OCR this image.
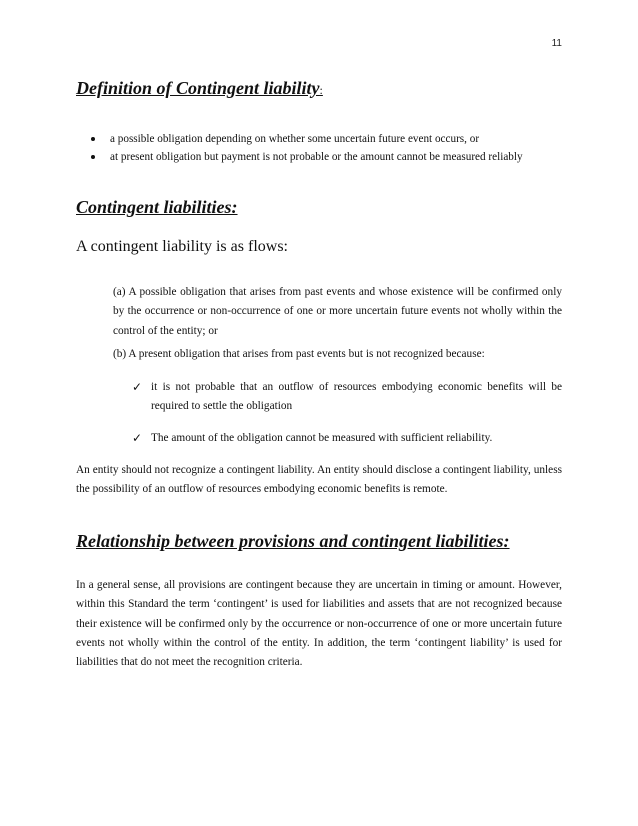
11
Definition of Contingent liability:
a possible obligation depending on whether some uncertain future event occurs, or
at present obligation but payment is not probable or the amount cannot be measured reliably
Contingent liabilities:
A contingent liability is as flows:
(a) A possible obligation that arises from past events and whose existence will be confirmed only by the occurrence or non-occurrence of one or more uncertain future events not wholly within the control of the entity; or
(b) A present obligation that arises from past events but is not recognized because:
✓ it is not probable that an outflow of resources embodying economic benefits will be required to settle the obligation
✓ The amount of the obligation cannot be measured with sufficient reliability.
An entity should not recognize a contingent liability. An entity should disclose a contingent liability, unless the possibility of an outflow of resources embodying economic benefits is remote.
Relationship between provisions and contingent liabilities:
In a general sense, all provisions are contingent because they are uncertain in timing or amount. However, within this Standard the term ‘contingent’ is used for liabilities and assets that are not recognized because their existence will be confirmed only by the occurrence or non-occurrence of one or more uncertain future events not wholly within the control of the entity. In addition, the term ‘contingent liability’ is used for liabilities that do not meet the recognition criteria.
